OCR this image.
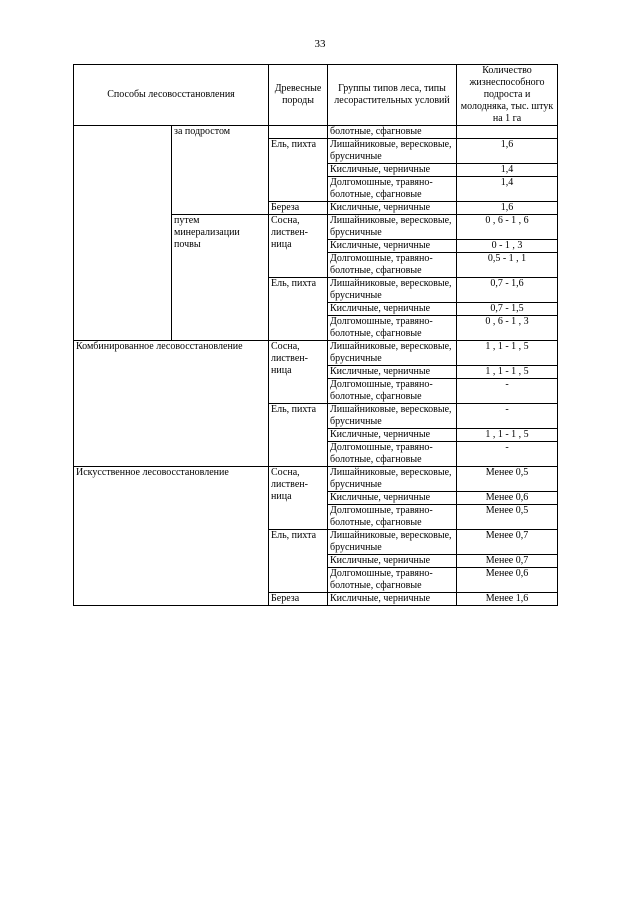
33
Способы лесовосстановления		Древесные породы	Группы типов леса, типы лесорастительных условий	Количество жизнеспособного подроста и молодняка, тыс. штук на 1 га
	за подростом		болотные, сфагновые	
		Ель, пихта	Лишайниковые, вересковые, брусничные	1,6
			Кисличные, черничные	1,4
			Долгомошные, травяно-болотные, сфагновые	1,4
		Береза	Кисличные, черничные	1,6
	путем минерализации почвы	Сосна, листвен-ница	Лишайниковые, вересковые, брусничные	0 , 6 - 1 , 6
			Кисличные, черничные	0 - 1 , 3
			Долгомошные, травяно-болотные, сфагновые	0,5 - 1 , 1
		Ель, пихта	Лишайниковые, вересковые, брусничные	0,7 - 1,6
			Кисличные, черничные	0,7 - 1,5
			Долгомошные, травяно-болотные, сфагновые	0 , 6 - 1 , 3
Комбинированное лесовосстановление		Сосна, листвен-ница	Лишайниковые, вересковые, брусничные	1 , 1 - 1 , 5
			Кисличные, черничные	1 , 1 - 1 , 5
			Долгомошные, травяно-болотные, сфагновые	-
		Ель, пихта	Лишайниковые, вересковые, брусничные	-
			Кисличные, черничные	1 , 1 - 1 , 5
			Долгомошные, травяно-болотные, сфагновые	-
Искусственное лесовосстановление		Сосна, листвен-ница	Лишайниковые, вересковые, брусничные	Менее 0,5
			Кисличные, черничные	Менее 0,6
			Долгомошные, травяно-болотные, сфагновые	Менее 0,5
		Ель, пихта	Лишайниковые, вересковые, брусничные	Менее 0,7
			Кисличные, черничные	Менее 0,7
			Долгомошные, травяно-болотные, сфагновые	Менее 0,6
		Береза	Кисличные, черничные	Менее 1,6
